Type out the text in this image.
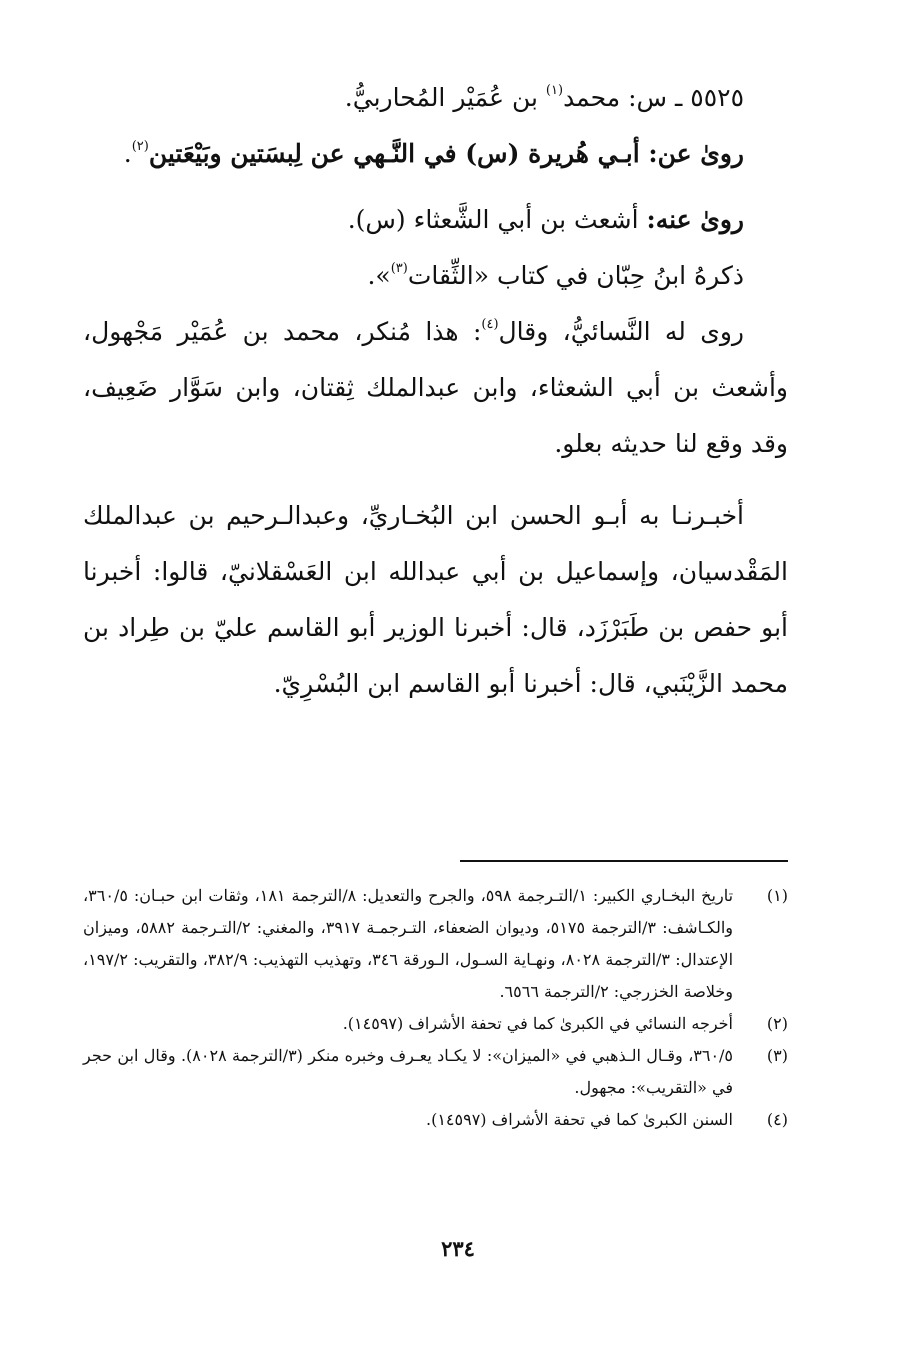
٥٥٢٥ ـ س: محمد$^{(١)}$ بن عُمَيْر المُحاربيُّ.

روىٰ عن: أبـي هُريرة (س) في النَّـهي عن لِبسَتين وبَيْعَتين$^{(٢)}$.

روىٰ عنه: أشعث بن أبي الشَّعثاء (س).

ذكرهُ ابنُ حِبّان في كتاب «الثِّقات$^{(٣)}$».

روى له النَّسائيُّ، وقال$^{(٤)}$: هذا مُنكر، محمد بن عُمَيْر مَجْهول، وأشعث بن أبي الشعثاء، وابن عبدالملك ثِقتان، وابن سَوَّار ضَعِيف، وقد وقع لنا حديثه بعلو.

أخبـرنـا به أبـو الحسن ابن البُخـاريِّ، وعبدالـرحيم بن عبدالملك المَقْدسيان، وإسماعيل بن أبي عبدالله ابن العَسْقلانيّ، قالوا: أخبرنا أبو حفص بن طَبَرْزَد، قال: أخبرنا الوزير أبو القاسم عليّ بن طِراد بن محمد الزَّيْنَبي، قال: أخبرنا أبو القاسم ابن البُسْرِيّ.

(١)
تاريخ البخـاري الكبير: ١/التـرجمة ٥٩٨، والجرح والتعديل: ٨/الترجمة ١٨١، وثقات ابن حبـان: ٣٦٠/٥، والكـاشف: ٣/الترجمة ٥١٧٥، وديوان الضعفاء، التـرجمـة ٣٩١٧، والمغني: ٢/التـرجمة ٥٨٨٢، وميزان الإعتدال: ٣/الترجمة ٨٠٢٨، ونهـاية السـول، الـورقة ٣٤٦، وتهذيب التهذيب: ٣٨٢/٩، والتقريب: ١٩٧/٢، وخلاصة الخزرجي: ٢/الترجمة ٦٥٦٦.
(٢)
أخرجه النسائي في الكبرىٰ كما في تحفة الأشراف (١٤٥٩٧).
(٣)
٣٦٠/٥، وقـال الـذهبي في «الميزان»: لا يكـاد يعـرف وخبره منكر (٣/الترجمة ٨٠٢٨). وقال ابن حجر في «التقريب»: مجهول.
(٤)
السنن الكبرىٰ كما في تحفة الأشراف (١٤٥٩٧).
٢٣٤
